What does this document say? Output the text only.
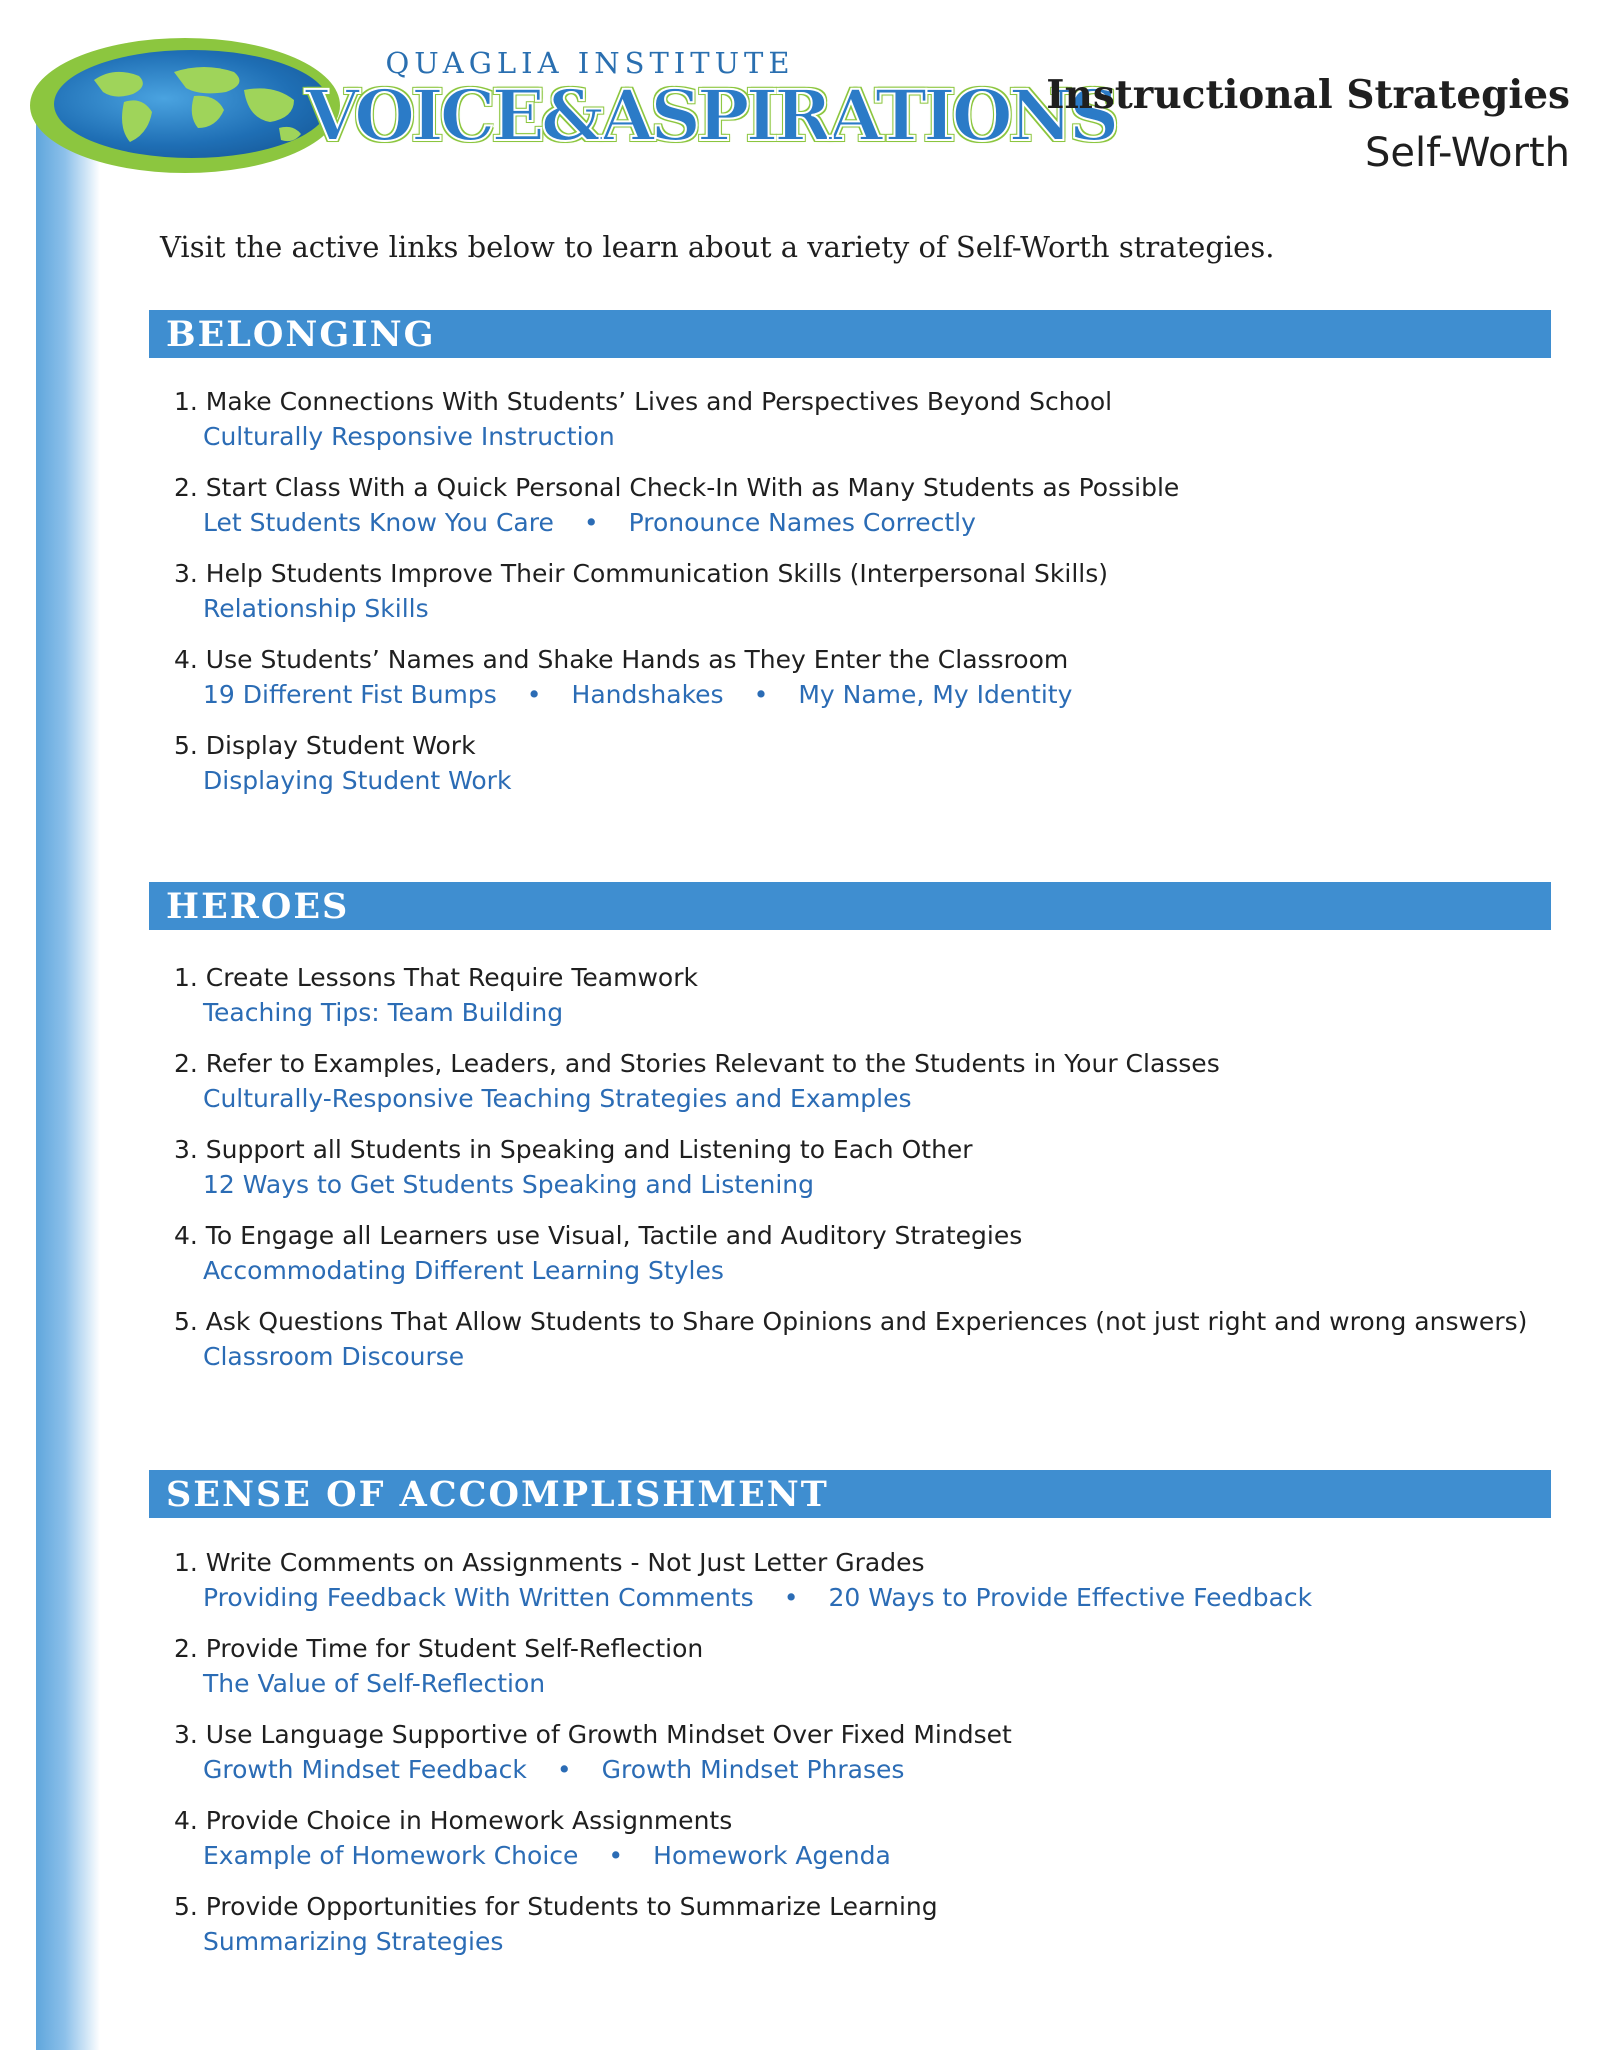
QUAGLIA INSTITUTE
VOICE&ASPIRATIONS
Instructional Strategies
Self-Worth
Visit the active links below to learn about a variety of Self-Worth strategies.
BELONGING
1. Make Connections With Students’ Lives and Perspectives Beyond School
Culturally Responsive Instruction
2. Start Class With a Quick Personal Check-In With as Many Students as Possible
Let Students Know You Care • Pronounce Names Correctly
3. Help Students Improve Their Communication Skills (Interpersonal Skills)
Relationship Skills
4. Use Students’ Names and Shake Hands as They Enter the Classroom
19 Different Fist Bumps • Handshakes • My Name, My Identity
5. Display Student Work
Displaying Student Work
HEROES
1. Create Lessons That Require Teamwork
Teaching Tips: Team Building
2. Refer to Examples, Leaders, and Stories Relevant to the Students in Your Classes
Culturally-Responsive Teaching Strategies and Examples
3. Support all Students in Speaking and Listening to Each Other
12 Ways to Get Students Speaking and Listening
4. To Engage all Learners use Visual, Tactile and Auditory Strategies
Accommodating Different Learning Styles
5. Ask Questions That Allow Students to Share Opinions and Experiences (not just right and wrong answers)
Classroom Discourse
SENSE OF ACCOMPLISHMENT
1. Write Comments on Assignments - Not Just Letter Grades
Providing Feedback With Written Comments • 20 Ways to Provide Effective Feedback
2. Provide Time for Student Self-Reflection
The Value of Self-Reflection
3. Use Language Supportive of Growth Mindset Over Fixed Mindset
Growth Mindset Feedback • Growth Mindset Phrases
4. Provide Choice in Homework Assignments
Example of Homework Choice • Homework Agenda
5. Provide Opportunities for Students to Summarize Learning
Summarizing Strategies
